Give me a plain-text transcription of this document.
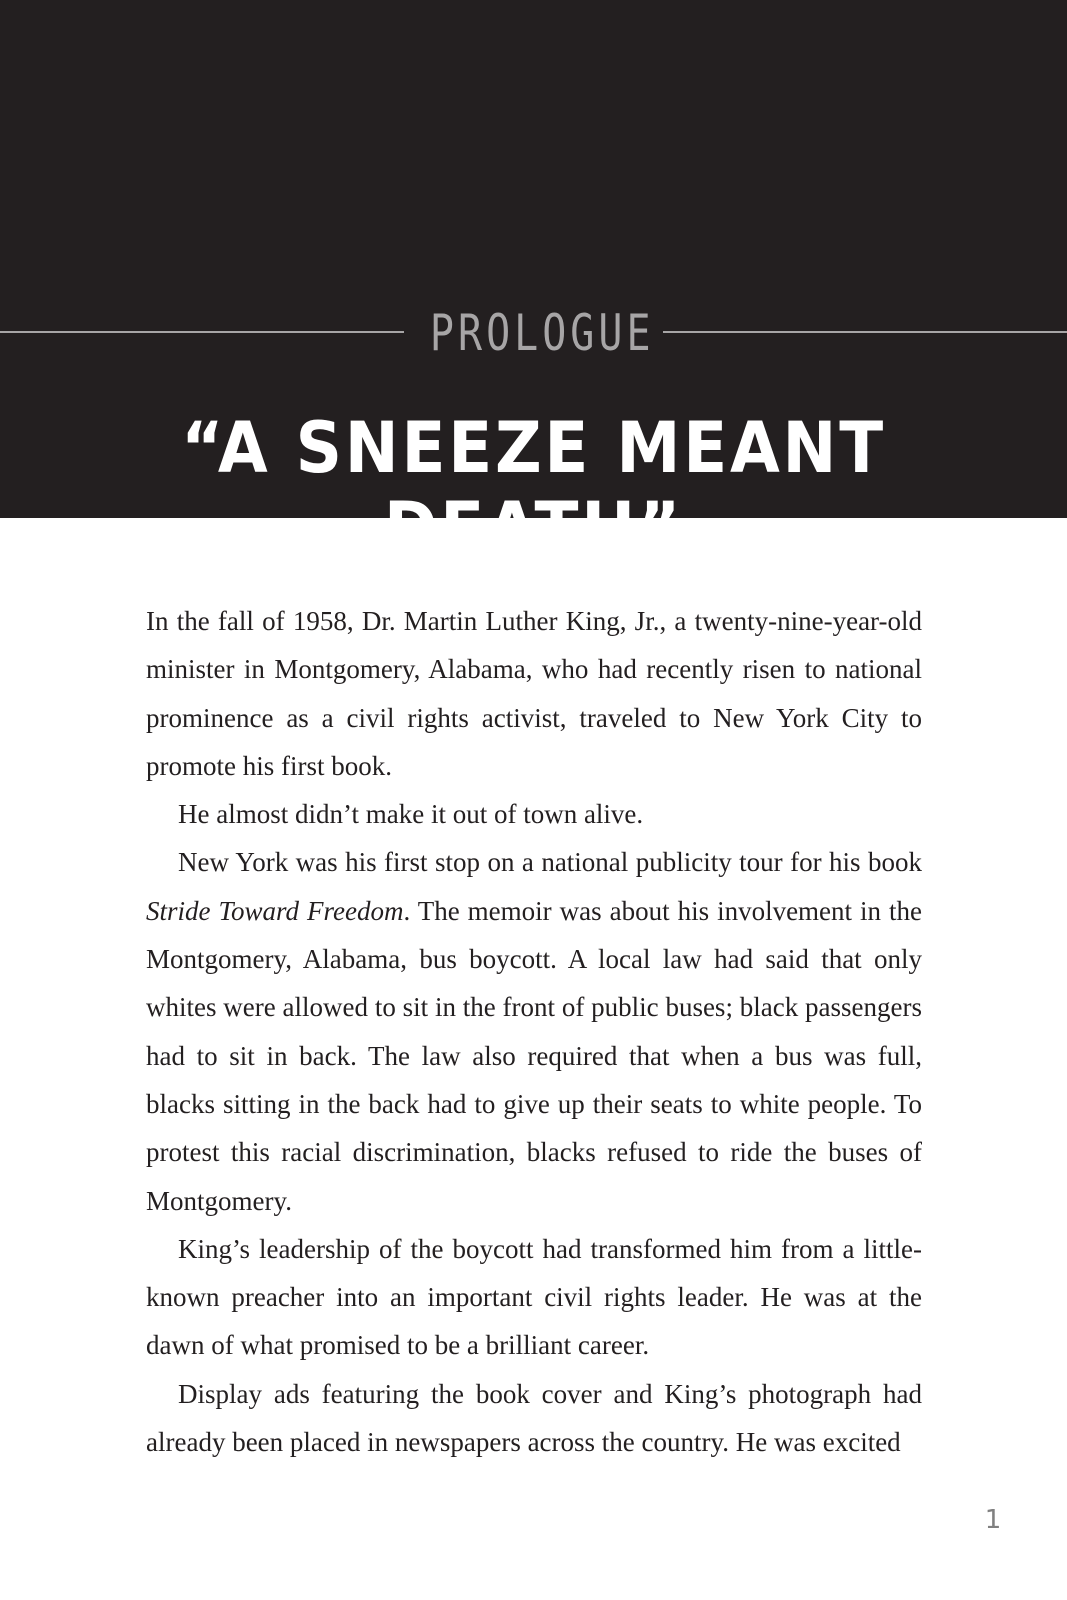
PROLOGUE
“A SNEEZE MEANT DEATH”

In the fall of 1958, Dr. Martin Luther King, Jr., a twenty-nine-year-old minister in Montgomery, Alabama, who had recently risen to national prominence as a civil rights activist, traveled to New York City to promote his first book.

He almost didn’t make it out of town alive.

New York was his first stop on a national publicity tour for his book Stride Toward Freedom. The memoir was about his involvement in the Montgomery, Alabama, bus boycott. A local law had said that only whites were allowed to sit in the front of public buses; black passengers had to sit in back. The law also required that when a bus was full, blacks sitting in the back had to give up their seats to white people. To protest this racial discrimination, blacks refused to ride the buses of Montgomery.

King’s leadership of the boycott had transformed him from a little-known preacher into an important civil rights leader. He was at the dawn of what promised to be a brilliant career.

Display ads featuring the book cover and King’s photograph had already been placed in newspapers across the country. He was excited

1
